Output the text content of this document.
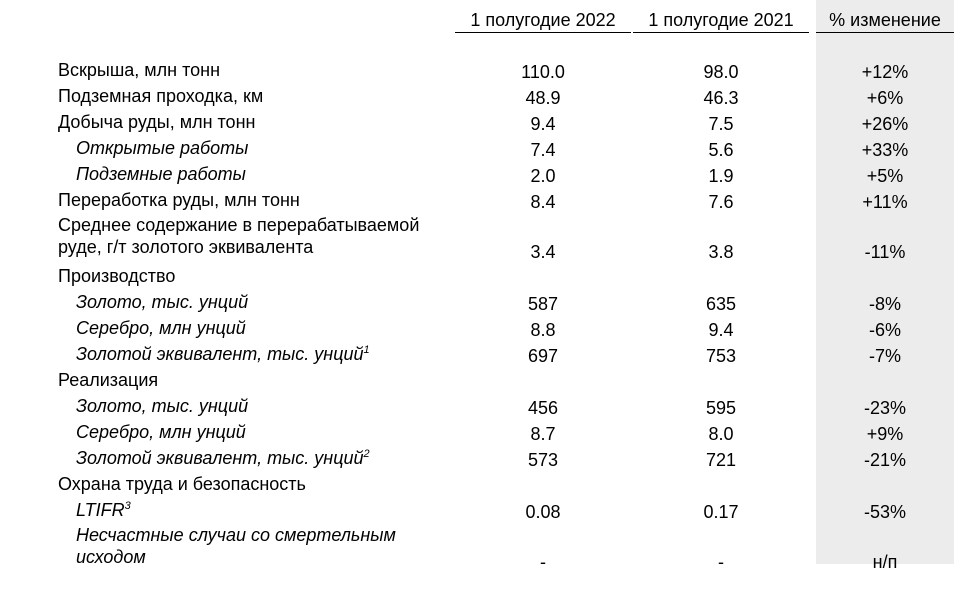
1 полугодие 2022	1 полугодие 2021	% изменение
Вскрыша, млн тонн	110.0	98.0	+12%
Подземная проходка, км	48.9	46.3	+6%
Добыча руды, млн тонн	9.4	7.5	+26%
Открытые работы	7.4	5.6	+33%
Подземные работы	2.0	1.9	+5%
Переработка руды, млн тонн	8.4	7.6	+11%
Среднее содержание в перерабатываемой
руде, г/т золотого эквивалента	3.4	3.8	-11%
Производство
Золото, тыс. унций	587	635	-8%
Серебро, млн унций	8.8	9.4	-6%
Золотой эквивалент, тыс. унций$^1$	697	753	-7%
Реализация
Золото, тыс. унций	456	595	-23%
Серебро, млн унций	8.7	8.0	+9%
Золотой эквивалент, тыс. унций$^2$	573	721	-21%
Охрана труда и безопасность
LTIFR$^3$	0.08	0.17	-53%
Несчастные случаи со смертельным
исходом	-	-	н/п
